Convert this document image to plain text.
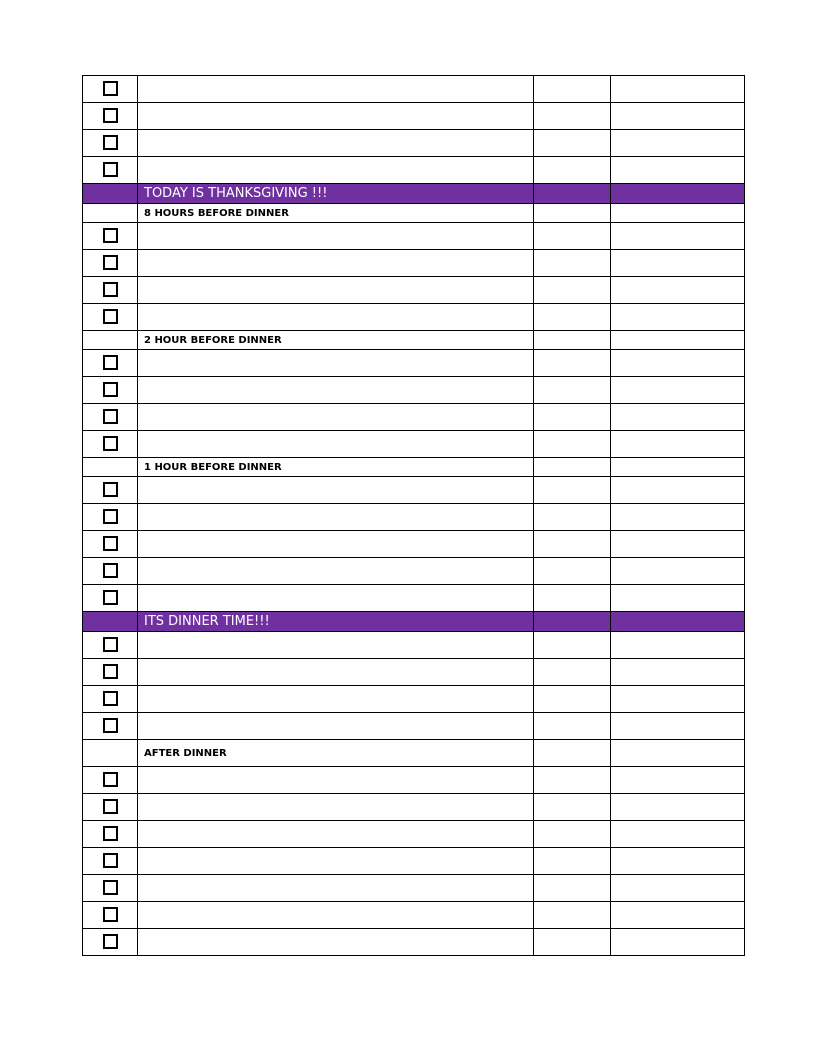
	TODAY IS THANKSGIVING !!!		
	8 HOURS BEFORE DINNER		

	2 HOUR BEFORE DINNER		

	1 HOUR BEFORE DINNER		

	ITS DINNER TIME!!!		

	AFTER DINNER		
